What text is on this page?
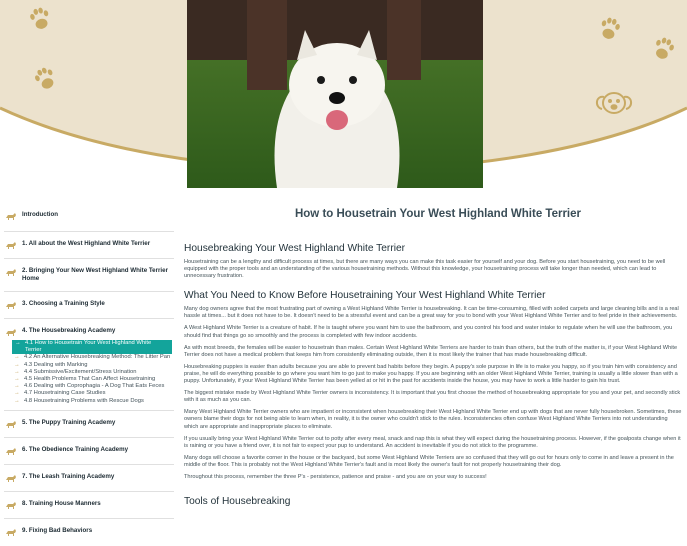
Introduction
1. All about the West Highland White Terrier
2. Bringing Your New West Highland White Terrier Home
3. Choosing a Training Style
4. The Housebreaking Academy
→ 4.1 How to Housetrain Your West Highland White Terrier
→ 4.2 An Alternative Housebreaking Method: The Litter Pan
→ 4.3 Dealing with Marking
→ 4.4 Submissive/Excitement/Stress Urination
→ 4.5 Health Problems That Can Affect Housetraining
→ 4.6 Dealing with Coprophagia - A Dog That Eats Feces
→ 4.7 Housetraining Case Studies
→ 4.8 Housetraining Problems with Rescue Dogs
5. The Puppy Training Academy
6. The Obedience Training Academy
7. The Leash Training Academy
8. Training House Manners
9. Fixing Bad Behaviors
How to Housetrain Your West Highland White Terrier
Housebreaking Your West Highland White Terrier

Housetraining can be a lengthy and difficult process at times, but there are many ways you can make this task easier for yourself and your dog. Before you start housetraining, you need to be well equipped with the proper tools and an understanding of the various housetraining methods. Without this knowledge, your housetraining process will take longer than needed, which can lead to unnecessary frustration.

What You Need to Know Before Housetraining Your West Highland White Terrier

Many dog owners agree that the most frustrating part of owning a West Highland White Terrier is housebreaking. It can be time-consuming, filled with soiled carpets and large cleaning bills and is a real hassle at times... but it does not have to be. It doesn't need to be a stressful event and can be a great way for you to bond with your West Highland White Terrier and to feel pride in their achievements.

A West Highland White Terrier is a creature of habit. If he is taught where you want him to use the bathroom, and you control his food and water intake to regulate when he will use the bathroom, you should find that things go so smoothly and the process is completed with few indoor accidents.

As with most breeds, the females will be easier to housetrain than males. Certain West Highland White Terriers are harder to train than others, but the truth of the matter is, if your West Highland White Terrier does not have a medical problem that keeps him from consistently eliminating outside, then it is most likely the trainer that has made housebreaking difficult.

Housebreaking puppies is easier than adults because you are able to prevent bad habits before they begin. A puppy's sole purpose in life is to make you happy, so if you train him with consistency and praise, he will do everything possible to go where you want him to go just to make you happy. If you are beginning with an older West Highland White Terrier, training is usually a little slower than with a puppy. Unfortunately, if your West Highland White Terrier has been yelled at or hit in the past for accidents inside the house, you may have to work a little harder to gain his trust.

The biggest mistake made by West Highland White Terrier owners is inconsistency. It is important that you first choose the method of housebreaking appropriate for you and your pet, and secondly stick with it as much as you can.

Many West Highland White Terrier owners who are impatient or inconsistent when housebreaking their West Highland White Terrier end up with dogs that are never fully housebroken. Sometimes, these owners blame their dogs for not being able to learn when, in reality, it is the owner who couldn't stick to the rules. Inconsistencies often confuse West Highland White Terriers into not understanding which are appropriate and inappropriate places to eliminate.

If you usually bring your West Highland White Terrier out to potty after every meal, snack and nap this is what they will expect during the housetraining process. However, if the goalposts change when it is raining or you have a friend over, it is not fair to expect your pup to understand. An accident is inevitable if you do not stick to the programme.

Many dogs will choose a favorite corner in the house or the backyard, but some West Highland White Terriers are so confused that they will go out for hours only to come in and leave a present in the middle of the floor. This is probably not the West Highland White Terrier's fault and is most likely the owner's fault for not properly housetraining their dog.

Throughout this process, remember the three P's - persistence, patience and praise - and you are on your way to success!

Tools of Housebreaking
